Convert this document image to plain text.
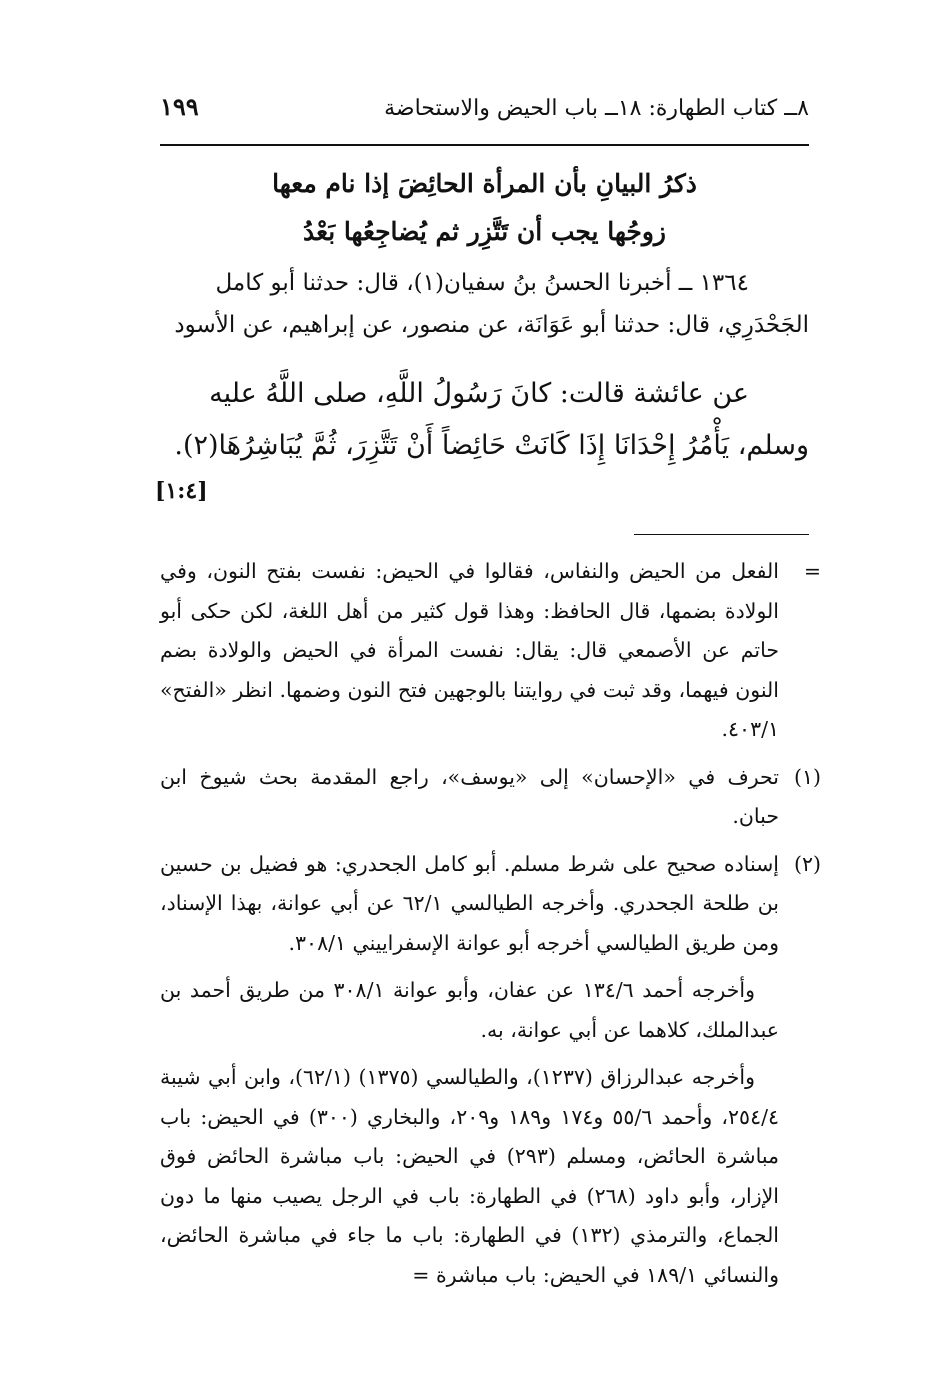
٨ــ كتاب الطهارة: ١٨ــ باب الحيض والاستحاضة
١٩٩
ذكرُ البيانِ بأن المرأة الحائِضَ إذا نام معها
زوجُها يجب أن تَتَّزِر ثم يُضاجِعُها بَعْدُ

١٣٦٤ ــ أخبرنا الحسنُ بنُ سفيان(١)، قال: حدثنا أبو كامل

الجَحْدَرِي، قال: حدثنا أبو عَوَانَة، عن منصور، عن إبراهيم، عن الأسود

عن عائشة قالت: كانَ رَسُولُ اللَّهِ، صلى اللَّهُ عليه

وسلم، يَأْمُرُ إِحْدَانَا إِذَا كَانَتْ حَائِضاً أَنْ تَتَّزِرَ، ثُمَّ يُبَاشِرُهَا(٢).

[١:٤]
=

الفعل من الحيض والنفاس، فقالوا في الحيض: نفست بفتح النون، وفي الولادة بضمها، قال الحافظ: وهذا قول كثير من أهل اللغة، لكن حكى أبو حاتم عن الأصمعي قال: يقال: نفست المرأة في الحيض والولادة بضم النون فيهما، وقد ثبت في روايتنا بالوجهين فتح النون وضمها. انظر «الفتح» ٤٠٣/١.

(١)

تحرف في «الإحسان» إلى «يوسف»، راجع المقدمة بحث شيوخ ابن حبان.

(٢)

إسناده صحيح على شرط مسلم. أبو كامل الجحدري: هو فضيل بن حسين بن طلحة الجحدري. وأخرجه الطيالسي ٦٢/١ عن أبي عوانة، بهذا الإسناد، ومن طريق الطيالسي أخرجه أبو عوانة الإسفراييني ٣٠٨/١.

وأخرجه أحمد ١٣٤/٦ عن عفان، وأبو عوانة ٣٠٨/١ من طريق أحمد بن عبدالملك، كلاهما عن أبي عوانة، به.

وأخرجه عبدالرزاق (١٢٣٧)، والطيالسي (١٣٧٥) (٦٢/١)، وابن أبي شيبة ٢٥٤/٤، وأحمد ٥٥/٦ و١٧٤ و١٨٩ و٢٠٩، والبخاري (٣٠٠) في الحيض: باب مباشرة الحائض، ومسلم (٢٩٣) في الحيض: باب مباشرة الحائض فوق الإزار، وأبو داود (٢٦٨) في الطهارة: باب في الرجل يصيب منها ما دون الجماع، والترمذي (١٣٢) في الطهارة: باب ما جاء في مباشرة الحائض، والنسائي ١٨٩/١ في الحيض: باب مباشرة =
